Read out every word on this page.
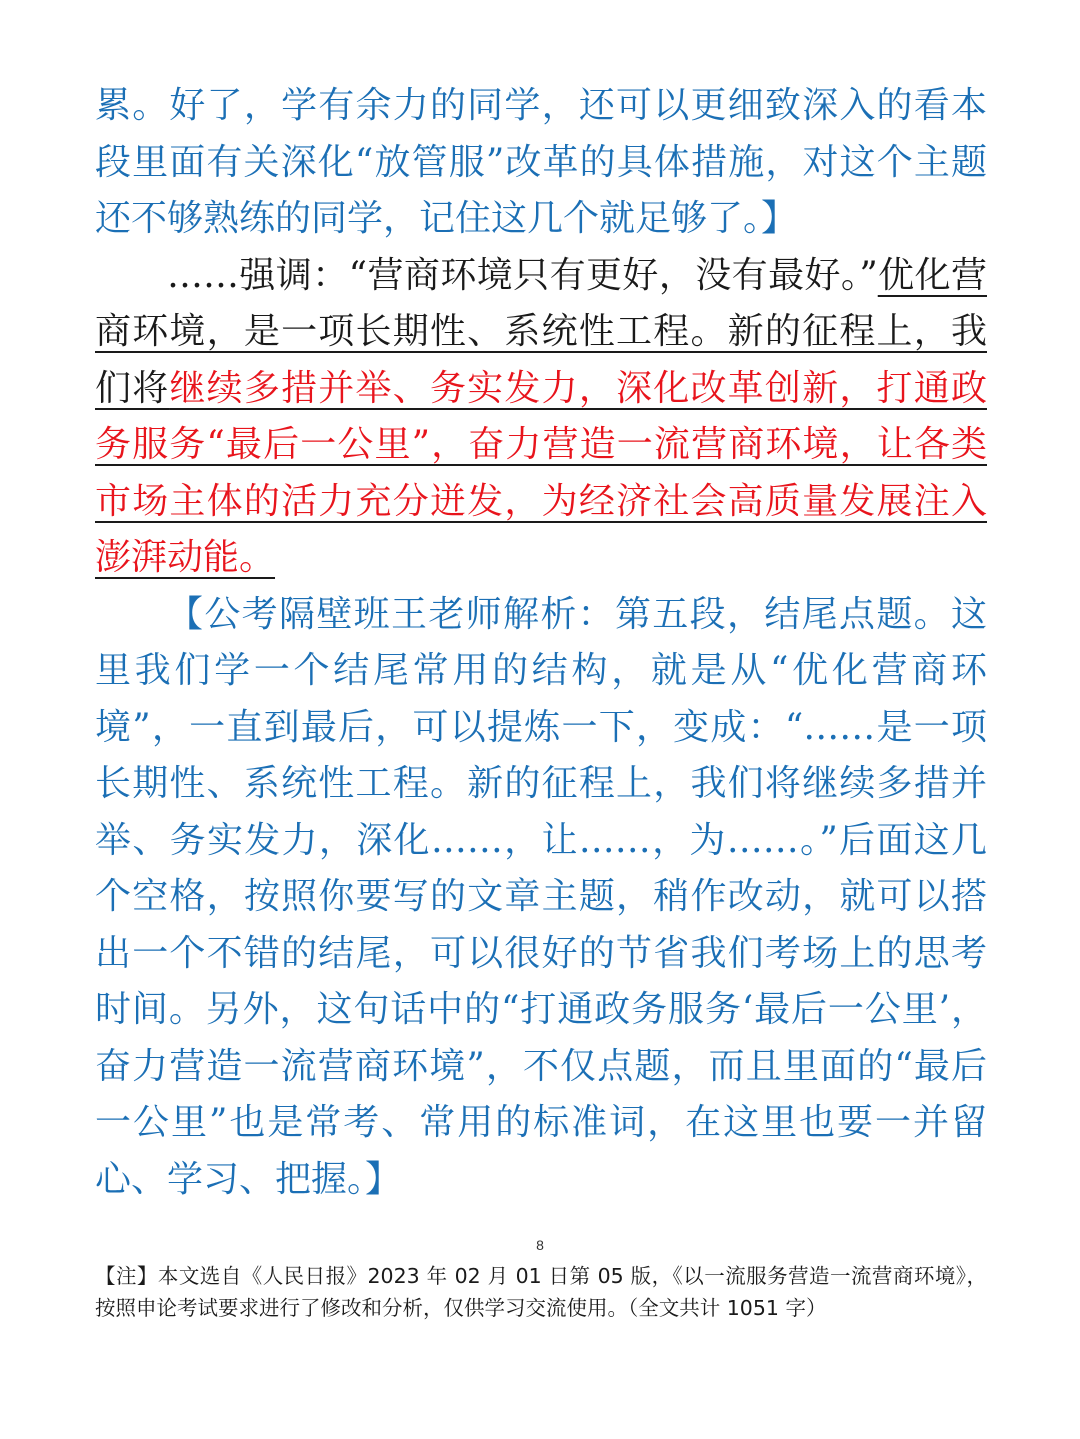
累。好了，学有余力的同学，还可以更细致深入的看本段里面有关深化“放管服”改革的具体措施，对这个主题还不够熟练的同学，记住这几个就足够了。】

……强调：“营商环境只有更好，没有最好。”优化营商环境，是一项长期性、系统性工程。新的征程上，我们将继续多措并举、务实发力，深化改革创新，打通政务服务“最后一公里”，奋力营造一流营商环境，让各类市场主体的活力充分迸发，为经济社会高质量发展注入澎湃动能。

【公考隔壁班王老师解析：第五段，结尾点题。这里我们学一个结尾常用的结构，就是从“优化营商环境”，一直到最后，可以提炼一下，变成：“……是一项长期性、系统性工程。新的征程上，我们将继续多措并举、务实发力，深化……，让……，为……。”后面这几个空格，按照你要写的文章主题，稍作改动，就可以搭出一个不错的结尾，可以很好的节省我们考场上的思考时间。另外，这句话中的“打通政务服务‘最后一公里’，奋力营造一流营商环境”，不仅点题，而且里面的“最后一公里”也是常考、常用的标准词，在这里也要一并留心、学习、把握。】

8
【注】本文选自《人民日报》2023 年 02 月 01 日第 05 版，《以一流服务营造一流营商环境》，按照申论考试要求进行了修改和分析，仅供学习交流使用。（全文共计 1051 字）
